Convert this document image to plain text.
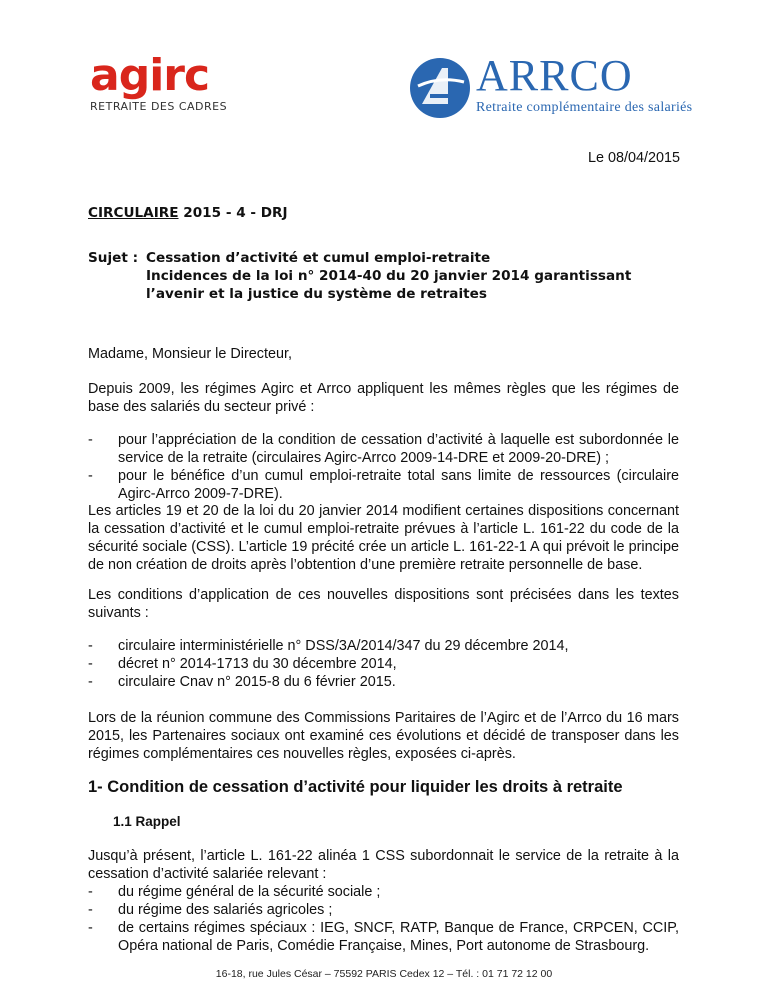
agirc
RETRAITE DES CADRES
ARRCO
Retraite complémentaire des salariés
Le 08/04/2015
CIRCULAIRE 2015 - 4 - DRJ
Sujet : Cessation d’activité et cumul emploi-retraite
Incidences de la loi n° 2014-40 du 20 janvier 2014 garantissant l’avenir et la justice du système de retraites
Madame, Monsieur le Directeur,
Depuis 2009, les régimes Agirc et Arrco appliquent les mêmes règles que les régimes de base des salariés du secteur privé :
- pour l’appréciation de la condition de cessation d’activité à laquelle est subordonnée le service de la retraite (circulaires Agirc-Arrco 2009-14-DRE et 2009-20-DRE) ;
- pour le bénéfice d’un cumul emploi-retraite total sans limite de ressources (circulaire Agirc-Arrco 2009-7-DRE).
Les articles 19 et 20 de la loi du 20 janvier 2014 modifient certaines dispositions concernant la cessation d’activité et le cumul emploi-retraite prévues à l’article L. 161-22 du code de la sécurité sociale (CSS). L’article 19 précité crée un article L. 161-22-1 A qui prévoit le principe de non création de droits après l’obtention d’une première retraite personnelle de base.
Les conditions d’application de ces nouvelles dispositions sont précisées dans les textes suivants :
- circulaire interministérielle n° DSS/3A/2014/347 du 29 décembre 2014,
- décret n° 2014-1713 du 30 décembre 2014,
- circulaire Cnav n° 2015-8 du 6 février 2015.
Lors de la réunion commune des Commissions Paritaires de l’Agirc et de l’Arrco du 16 mars 2015, les Partenaires sociaux ont examiné ces évolutions et décidé de transposer dans les régimes complémentaires ces nouvelles règles, exposées ci-après.
1- Condition de cessation d’activité pour liquider les droits à retraite
1.1 Rappel
Jusqu’à présent, l’article L. 161-22 alinéa 1 CSS subordonnait le service de la retraite à la cessation d’activité salariée relevant :
- du régime général de la sécurité sociale ;
- du régime des salariés agricoles ;
- de certains régimes spéciaux : IEG, SNCF, RATP, Banque de France, CRPCEN, CCIP, Opéra national de Paris, Comédie Française, Mines, Port autonome de Strasbourg.
16-18, rue Jules César – 75592 PARIS Cedex 12 – Tél. : 01 71 72 12 00
